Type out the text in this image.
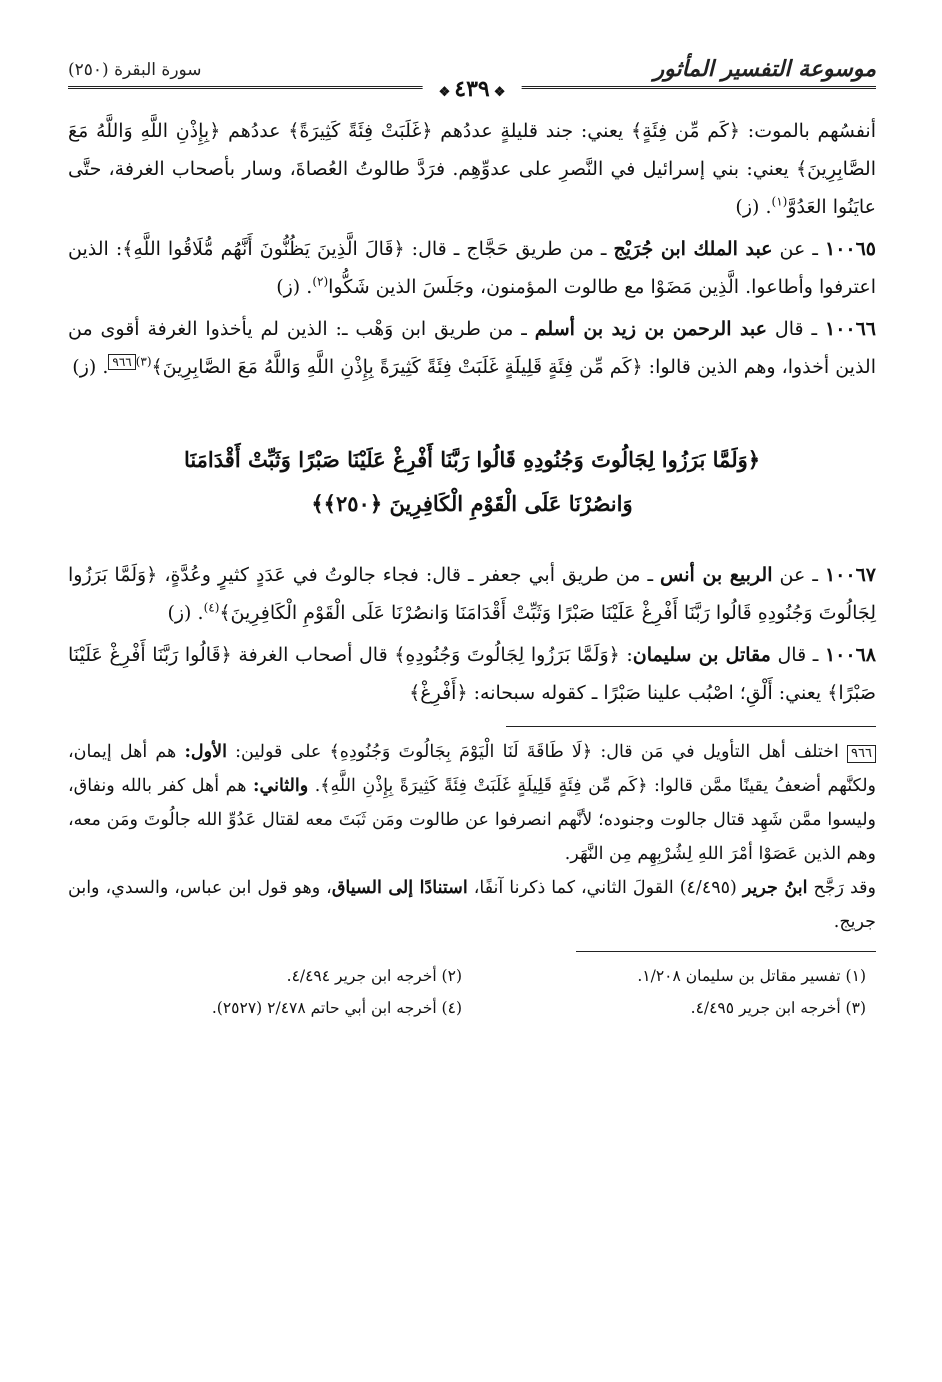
موسوعة التفسير المأثور
❖٤٣٩❖
سورة البقرة (٢٥٠)

أنفسُهم بالموت: ﴿كَم مِّن فِئَةٍ﴾ يعني: جند قليلةٍ عددُهم ﴿غَلَبَتْ فِئَةً كَثِيرَةً﴾ عددُهم ﴿بِإِذْنِ اللَّهِ وَاللَّهُ مَعَ الصَّابِرِينَ﴾ يعني: بني إسرائيل في النَّصرِ على عدوِّهِم. فرَدَّ طالوتُ العُصاةَ، وسار بأصحاب الغرفة، حتَّى عايَنُوا العَدُوَّ$^{(١)}$. (ز)

١٠٠٦٥ ـ عن عبد الملك ابن جُرَيْج ـ من طريق حَجَّاج ـ قال: ﴿قَالَ الَّذِينَ يَظُنُّونَ أَنَّهُم مُّلَاقُوا اللَّهِ﴾: الذين اعترفوا وأطاعوا. الَّذِين مَضَوْا مع طالوت المؤمنون، وجَلَسَ الذين شَكُّوا$^{(٢)}$. (ز)

١٠٠٦٦ ـ قال عبد الرحمن بن زيد بن أسلم ـ من طريق ابن وَهْب ـ: الذين لم يأخذوا الغرفة أقوى من الذين أخذوا، وهم الذين قالوا: ﴿كَم مِّن فِئَةٍ قَلِيلَةٍ غَلَبَتْ فِئَةً كَثِيرَةً بِإِذْنِ اللَّهِ وَاللَّهُ مَعَ الصَّابِرِينَ﴾$^{(٣)}$٩٦٦. (ز)

﴿وَلَمَّا بَرَزُوا لِجَالُوتَ وَجُنُودِهِ قَالُوا رَبَّنَا أَفْرِغْ عَلَيْنَا صَبْرًا وَثَبِّتْ أَقْدَامَنَا
وَانصُرْنَا عَلَى الْقَوْمِ الْكَافِرِينَ ﴿٢٥٠﴾﴾

١٠٠٦٧ ـ عن الربيع بن أنس ـ من طريق أبي جعفر ـ قال: فجاء جالوتُ في عَدَدٍ كثيرٍ وعُدَّةٍ، ﴿وَلَمَّا بَرَزُوا لِجَالُوتَ وَجُنُودِهِ قَالُوا رَبَّنَا أَفْرِغْ عَلَيْنَا صَبْرًا وَثَبِّتْ أَقْدَامَنَا وَانصُرْنَا عَلَى الْقَوْمِ الْكَافِرِينَ﴾$^{(٤)}$. (ز)

١٠٠٦٨ ـ قال مقاتل بن سليمان: ﴿وَلَمَّا بَرَزُوا لِجَالُوتَ وَجُنُودِهِ﴾ قال أصحاب الغرفة ﴿قَالُوا رَبَّنَا أَفْرِغْ عَلَيْنَا صَبْرًا﴾ يعني: أَلْقِ؛ اصْبُب علينا صَبْرًا ـ كقوله سبحانه: ﴿أَفْرِغْ﴾

٩٦٦ اختلف أهل التأويل في مَن قال: ﴿لَا طَاقَةَ لَنَا الْيَوْمَ بِجَالُوتَ وَجُنُودِهِ﴾ على قولين: الأول: هم أهل إيمان، ولكنَّهم أضعفُ يقينًا ممَّن قالوا: ﴿كَم مِّن فِئَةٍ قَلِيلَةٍ غَلَبَتْ فِئَةً كَثِيرَةً بِإِذْنِ اللَّهِ﴾. والثاني: هم أهل كفر بالله ونفاق، وليسوا ممَّن شَهِد قتال جالوت وجنوده؛ لأنَّهم انصرفوا عن طالوت ومَن ثَبَتَ معه لقتال عَدُوِّ الله جالُوتَ ومَن معه، وهم الذين عَصَوْا أمْرَ اللهِ لِشُرْبِهِم مِن النَّهَر.

وقد رَجَّح ابنُ جرير (٤/٤٩٥) القولَ الثاني، كما ذكرنا آنفًا، استنادًا إلى السياق، وهو قول ابن عباس، والسدي، وابن جريج.

(١) تفسير مقاتل بن سليمان ١/٢٠٨.
(٢) أخرجه ابن جرير ٤/٤٩٤.
(٣) أخرجه ابن جرير ٤/٤٩٥.
(٤) أخرجه ابن أبي حاتم ٢/٤٧٨ (٢٥٢٧).
